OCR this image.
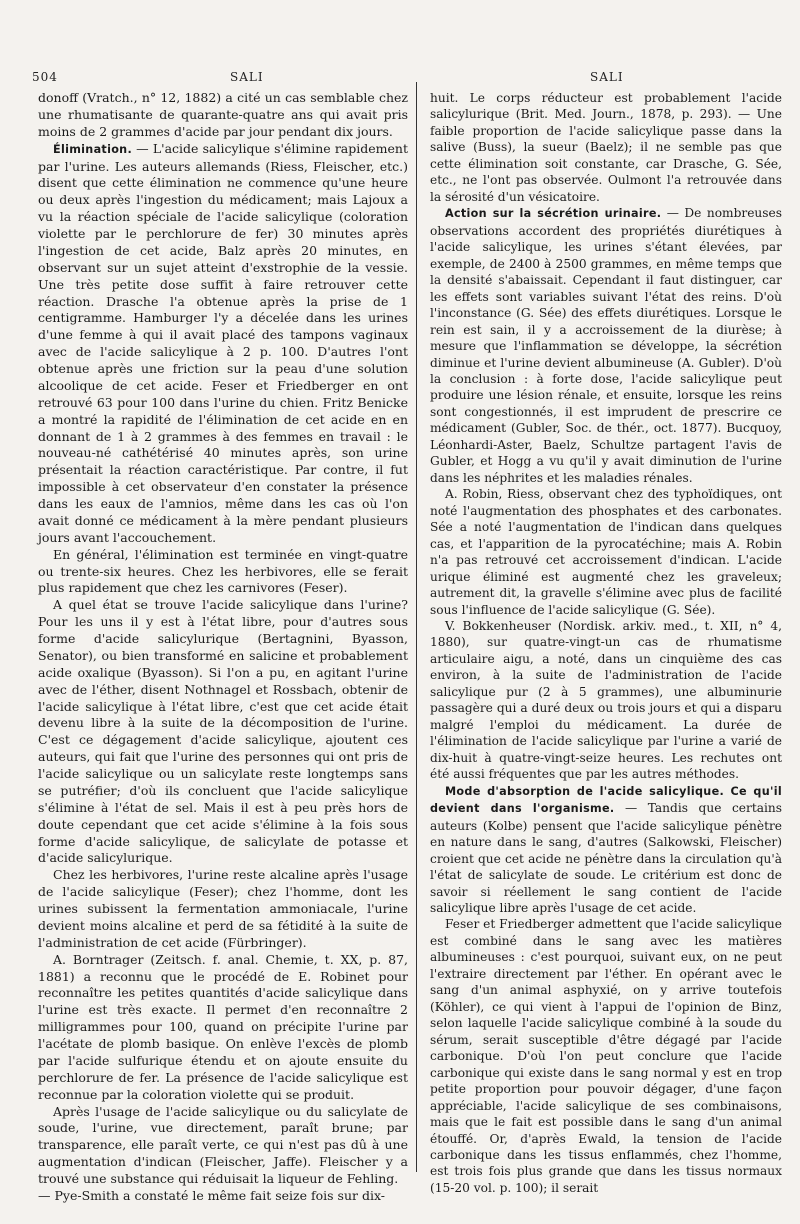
504	SALI	SALI

donoff (Vratch., n° 12, 1882) a cité un cas semblable chez une rhumatisante de quarante-quatre ans qui avait pris moins de 2 grammes d'acide par jour pendant dix jours.

Élimination. — L'acide salicylique s'élimine rapidement par l'urine. Les auteurs allemands (Riess, Fleischer, etc.) disent que cette élimination ne commence qu'une heure ou deux après l'ingestion du médicament; mais Lajoux a vu la réaction spéciale de l'acide salicylique (coloration violette par le perchlorure de fer) 30 minutes après l'ingestion de cet acide, Balz après 20 minutes, en observant sur un sujet atteint d'exstrophie de la vessie. Une très petite dose suffit à faire retrouver cette réaction. Drasche l'a obtenue après la prise de 1 centigramme. Hamburger l'y a décelée dans les urines d'une femme à qui il avait placé des tampons vaginaux avec de l'acide salicylique à 2 p. 100. D'autres l'ont obtenue après une friction sur la peau d'une solution alcoolique de cet acide. Feser et Friedberger en ont retrouvé 63 pour 100 dans l'urine du chien. Fritz Benicke a montré la rapidité de l'élimination de cet acide en en donnant de 1 à 2 grammes à des femmes en travail : le nouveau-né cathétérisé 40 minutes après, son urine présentait la réaction caractéristique. Par contre, il fut impossible à cet observateur d'en constater la présence dans les eaux de l'amnios, même dans les cas où l'on avait donné ce médicament à la mère pendant plusieurs jours avant l'accouchement.

En général, l'élimination est terminée en vingt-quatre ou trente-six heures. Chez les herbivores, elle se ferait plus rapidement que chez les carnivores (Feser).

A quel état se trouve l'acide salicylique dans l'urine? Pour les uns il y est à l'état libre, pour d'autres sous forme d'acide salicylurique (Bertagnini, Byasson, Senator), ou bien transformé en salicine et probablement acide oxalique (Byasson). Si l'on a pu, en agitant l'urine avec de l'éther, disent Nothnagel et Rossbach, obtenir de l'acide salicylique à l'état libre, c'est que cet acide était devenu libre à la suite de la décomposition de l'urine. C'est ce dégagement d'acide salicylique, ajoutent ces auteurs, qui fait que l'urine des personnes qui ont pris de l'acide salicylique ou un salicylate reste longtemps sans se putréfier; d'où ils concluent que l'acide salicylique s'élimine à l'état de sel. Mais il est à peu près hors de doute cependant que cet acide s'élimine à la fois sous forme d'acide salicylique, de salicylate de potasse et d'acide salicylurique.

Chez les herbivores, l'urine reste alcaline après l'usage de l'acide salicylique (Feser); chez l'homme, dont les urines subissent la fermentation ammoniacale, l'urine devient moins alcaline et perd de sa fétidité à la suite de l'administration de cet acide (Fürbringer).

A. Borntrager (Zeitsch. f. anal. Chemie, t. XX, p. 87, 1881) a reconnu que le procédé de E. Robinet pour reconnaître les petites quantités d'acide salicylique dans l'urine est très exacte. Il permet d'en reconnaître 2 milligrammes pour 100, quand on précipite l'urine par l'acétate de plomb basique. On enlève l'excès de plomb par l'acide sulfurique étendu et on ajoute ensuite du perchlorure de fer. La présence de l'acide salicylique est reconnue par la coloration violette qui se produit.

Après l'usage de l'acide salicylique ou du salicylate de soude, l'urine, vue directement, paraît brune; par transparence, elle paraît verte, ce qui n'est pas dû à une augmentation d'indican (Fleischer, Jaffe). Fleischer y a trouvé une substance qui réduisait la liqueur de Fehling.

— Pye-Smith a constaté le même fait seize fois sur dix-

huit. Le corps réducteur est probablement l'acide salicylurique (Brit. Med. Journ., 1878, p. 293). — Une faible proportion de l'acide salicylique passe dans la salive (Buss), la sueur (Baelz); il ne semble pas que cette élimination soit constante, car Drasche, G. Sée, etc., ne l'ont pas observée. Oulmont l'a retrouvée dans la sérosité d'un vésicatoire.

Action sur la sécrétion urinaire. — De nombreuses observations accordent des propriétés diurétiques à l'acide salicylique, les urines s'étant élevées, par exemple, de 2400 à 2500 grammes, en même temps que la densité s'abaissait. Cependant il faut distinguer, car les effets sont variables suivant l'état des reins. D'où l'inconstance (G. Sée) des effets diurétiques. Lorsque le rein est sain, il y a accroissement de la diurèse; à mesure que l'inflammation se développe, la sécrétion diminue et l'urine devient albumineuse (A. Gubler). D'où la conclusion : à forte dose, l'acide salicylique peut produire une lésion rénale, et ensuite, lorsque les reins sont congestionnés, il est imprudent de prescrire ce médicament (Gubler, Soc. de thér., oct. 1877). Bucquoy, Léonhardi-Aster, Baelz, Schultze partagent l'avis de Gubler, et Hogg a vu qu'il y avait diminution de l'urine dans les néphrites et les maladies rénales.

A. Robin, Riess, observant chez des typhoïdiques, ont noté l'augmentation des phosphates et des carbonates. Sée a noté l'augmentation de l'indican dans quelques cas, et l'apparition de la pyrocatéchine; mais A. Robin n'a pas retrouvé cet accroissement d'indican. L'acide urique éliminé est augmenté chez les graveleux; autrement dit, la gravelle s'élimine avec plus de facilité sous l'influence de l'acide salicylique (G. Sée).

V. Bokkenheuser (Nordisk. arkiv. med., t. XII, n° 4, 1880), sur quatre-vingt-un cas de rhumatisme articulaire aigu, a noté, dans un cinquième des cas environ, à la suite de l'administration de l'acide salicylique pur (2 à 5 grammes), une albuminurie passagère qui a duré deux ou trois jours et qui a disparu malgré l'emploi du médicament. La durée de l'élimination de l'acide salicylique par l'urine a varié de dix-huit à quatre-vingt-seize heures. Les rechutes ont été aussi fréquentes que par les autres méthodes.

Mode d'absorption de l'acide salicylique. Ce qu'il devient dans l'organisme. — Tandis que certains auteurs (Kolbe) pensent que l'acide salicylique pénètre en nature dans le sang, d'autres (Salkowski, Fleischer) croient que cet acide ne pénètre dans la circulation qu'à l'état de salicylate de soude. Le critérium est donc de savoir si réellement le sang contient de l'acide salicylique libre après l'usage de cet acide.

Feser et Friedberger admettent que l'acide salicylique est combiné dans le sang avec les matières albumineuses : c'est pourquoi, suivant eux, on ne peut l'extraire directement par l'éther. En opérant avec le sang d'un animal asphyxié, on y arrive toutefois (Köhler), ce qui vient à l'appui de l'opinion de Binz, selon laquelle l'acide salicylique combiné à la soude du sérum, serait susceptible d'être dégagé par l'acide carbonique. D'où l'on peut conclure que l'acide carbonique qui existe dans le sang normal y est en trop petite proportion pour pouvoir dégager, d'une façon appréciable, l'acide salicylique de ses combinaisons, mais que le fait est possible dans le sang d'un animal étouffé. Or, d'après Ewald, la tension de l'acide carbonique dans les tissus enflammés, chez l'homme, est trois fois plus grande que dans les tissus normaux (15-20 vol. p. 100); il serait
